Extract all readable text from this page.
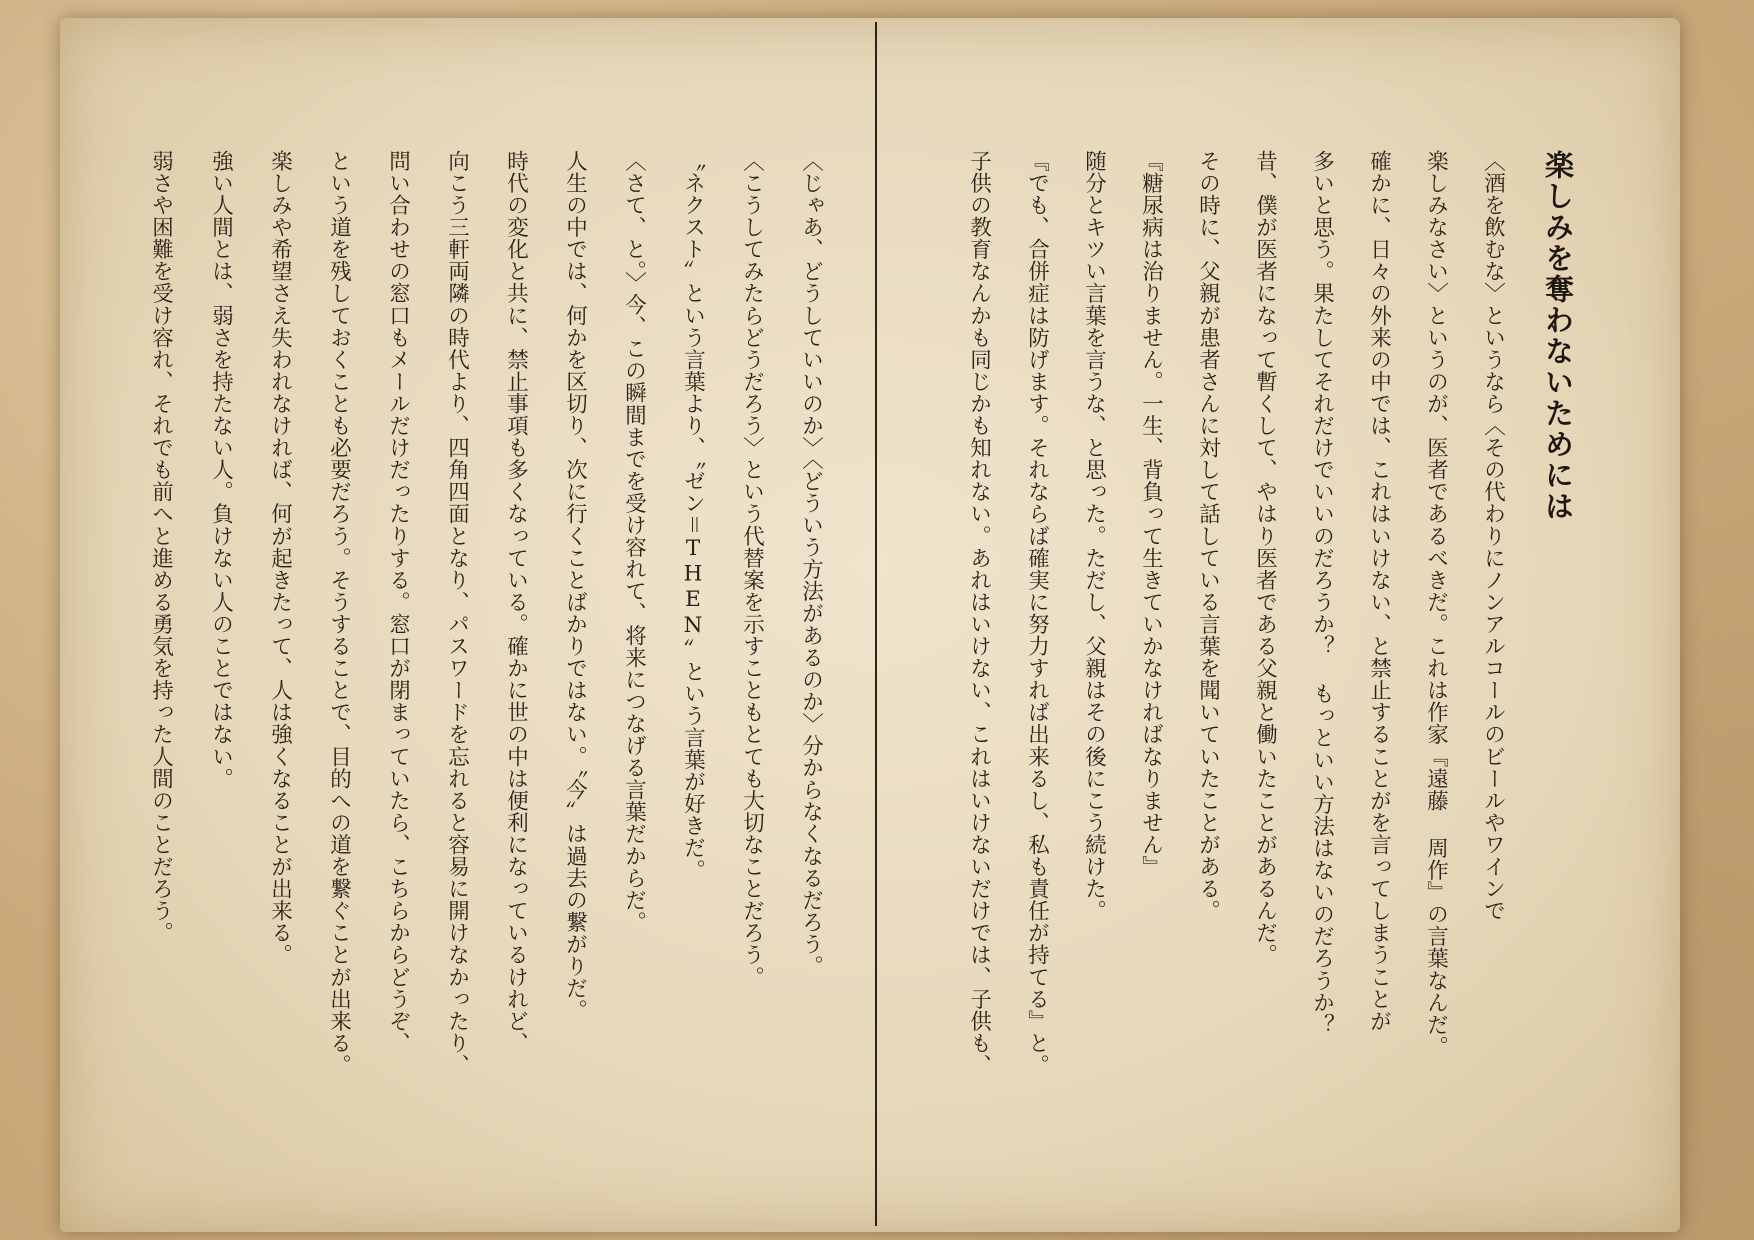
楽しみを奪わないためには
〈酒を飲むな〉というなら〈その代わりにノンアルコールのビールやワインで
楽しみなさい〉というのが、医者であるべきだ。これは作家『遠藤 周作』の言葉なんだ。
確かに、日々の外来の中では、これはいけない、と禁止することがを言ってしまうことが
多いと思う。果たしてそれだけでいいのだろうか？ もっといい方法はないのだろうか？
昔、僕が医者になって暫くして、やはり医者である父親と働いたことがあるんだ。
その時に、父親が患者さんに対して話している言葉を聞いていたことがある。
『糖尿病は治りません。一生、背負って生きていかなければなりません』
随分とキツい言葉を言うな、と思った。ただし、父親はその後にこう続けた。
『でも、合併症は防げます。それならば確実に努力すれば出来るし、私も責任が持てる』と。
子供の教育なんかも同じかも知れない。あれはいけない、これはいけないだけでは、子供も、
〈じゃあ、どうしていいのか〉〈どういう方法があるのか〉分からなくなるだろう。
〈こうしてみたらどうだろう〉という代替案を示すこともとても大切なことだろう。
〝ネクスト〟という言葉より、〝ゼン＝THEN〟という言葉が好きだ。
〈さて、と。〉今、この瞬間までを受け容れて、将来につなげる言葉だからだ。
人生の中では、何かを区切り、次に行くことばかりではない。〝今〟は過去の繋がりだ。
時代の変化と共に、禁止事項も多くなっている。確かに世の中は便利になっているけれど、
向こう三軒両隣の時代より、四角四面となり、パスワードを忘れると容易に開けなかったり、
問い合わせの窓口もメールだけだったりする。窓口が閉まっていたら、こちらからどうぞ、
という道を残しておくことも必要だろう。そうすることで、目的への道を繋ぐことが出来る。
楽しみや希望さえ失われなければ、何が起きたって、人は強くなることが出来る。
強い人間とは、弱さを持たない人。負けない人のことではない。
弱さや困難を受け容れ、それでも前へと進める勇気を持った人間のことだろう。
